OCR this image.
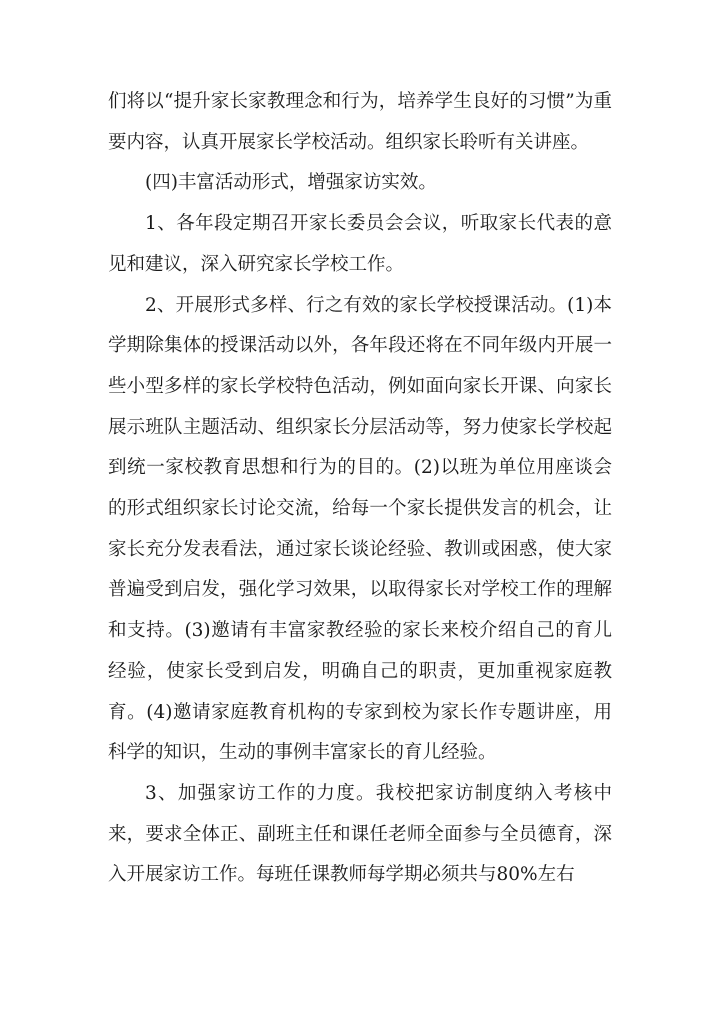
们将以“提升家长家教理念和行为，培养学生良好的习惯”为重要内容，认真开展家长学校活动。组织家长聆听有关讲座。

(四)丰富活动形式，增强家访实效。

1、各年段定期召开家长委员会会议，听取家长代表的意见和建议，深入研究家长学校工作。

2、开展形式多样、行之有效的家长学校授课活动。(1)本学期除集体的授课活动以外，各年段还将在不同年级内开展一些小型多样的家长学校特色活动，例如面向家长开课、向家长展示班队主题活动、组织家长分层活动等，努力使家长学校起到统一家校教育思想和行为的目的。(2)以班为单位用座谈会的形式组织家长讨论交流，给每一个家长提供发言的机会，让家长充分发表看法，通过家长谈论经验、教训或困惑，使大家普遍受到启发，强化学习效果，以取得家长对学校工作的理解和支持。(3)邀请有丰富家教经验的家长来校介绍自己的育儿经验，使家长受到启发，明确自己的职责，更加重视家庭教育。(4)邀请家庭教育机构的专家到校为家长作专题讲座，用科学的知识，生动的事例丰富家长的育儿经验。

3、加强家访工作的力度。我校把家访制度纳入考核中来，要求全体正、副班主任和课任老师全面参与全员德育，深入开展家访工作。每班任课教师每学期必须共与80%左右
